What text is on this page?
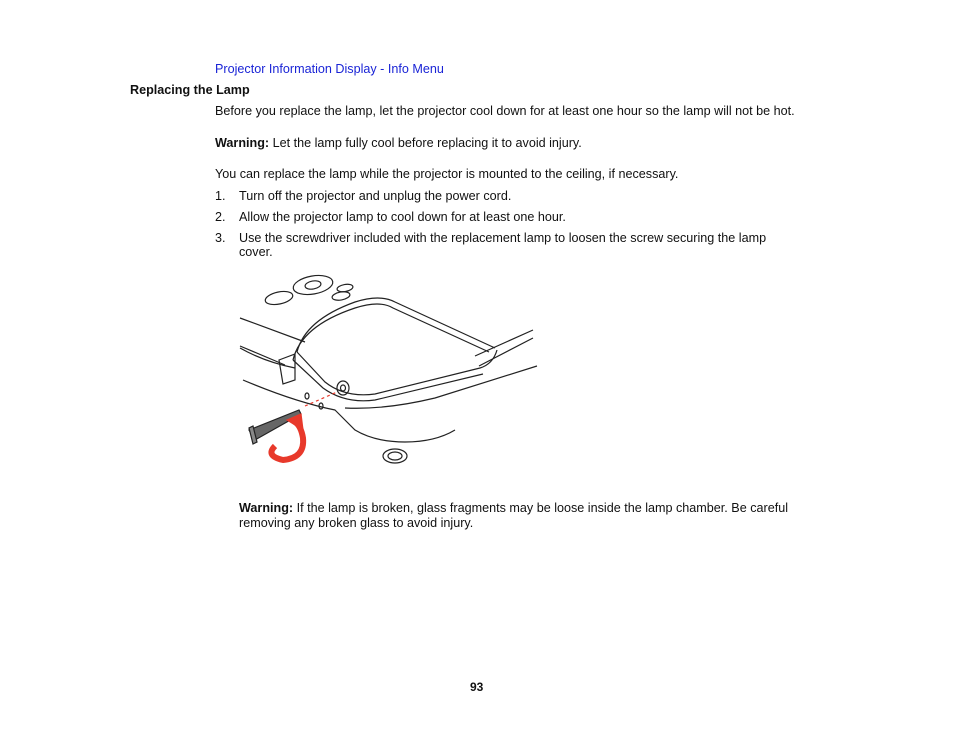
Projector Information Display - Info Menu
Replacing the Lamp
Before you replace the lamp, let the projector cool down for at least one hour so the lamp will not be hot.
Warning: Let the lamp fully cool before replacing it to avoid injury.
You can replace the lamp while the projector is mounted to the ceiling, if necessary.
1. Turn off the projector and unplug the power cord.
2. Allow the projector lamp to cool down for at least one hour.
3. Use the screwdriver included with the replacement lamp to loosen the screw securing the lamp
cover.
Warning: If the lamp is broken, glass fragments may be loose inside the lamp chamber. Be careful
removing any broken glass to avoid injury.
93
